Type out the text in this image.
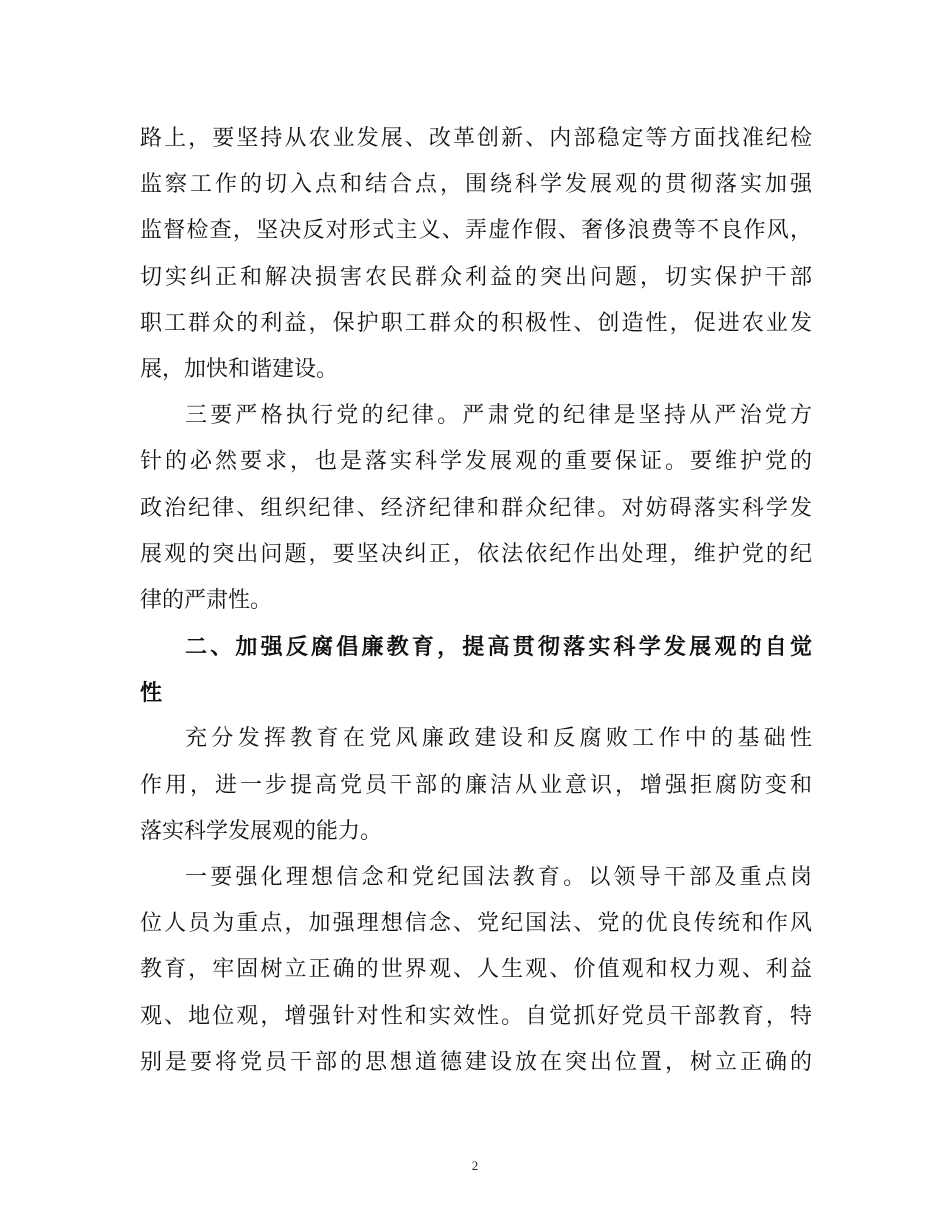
路上，要坚持从农业发展、改革创新、内部稳定等方面找准纪检
监察工作的切入点和结合点，围绕科学发展观的贯彻落实加强
监督检查，坚决反对形式主义、弄虚作假、奢侈浪费等不良作风，
切实纠正和解决损害农民群众利益的突出问题，切实保护干部
职工群众的利益，保护职工群众的积极性、创造性，促进农业发
展，加快和谐建设。
三要严格执行党的纪律。严肃党的纪律是坚持从严治党方
针的必然要求，也是落实科学发展观的重要保证。要维护党的
政治纪律、组织纪律、经济纪律和群众纪律。对妨碍落实科学发
展观的突出问题，要坚决纠正，依法依纪作出处理，维护党的纪
律的严肃性。
二、加强反腐倡廉教育，提高贯彻落实科学发展观的自觉
性
充分发挥教育在党风廉政建设和反腐败工作中的基础性
作用，进一步提高党员干部的廉洁从业意识，增强拒腐防变和
落实科学发展观的能力。
一要强化理想信念和党纪国法教育。以领导干部及重点岗
位人员为重点，加强理想信念、党纪国法、党的优良传统和作风
教育，牢固树立正确的世界观、人生观、价值观和权力观、利益
观、地位观，增强针对性和实效性。自觉抓好党员干部教育，特
别是要将党员干部的思想道德建设放在突出位置，树立正确的
2
